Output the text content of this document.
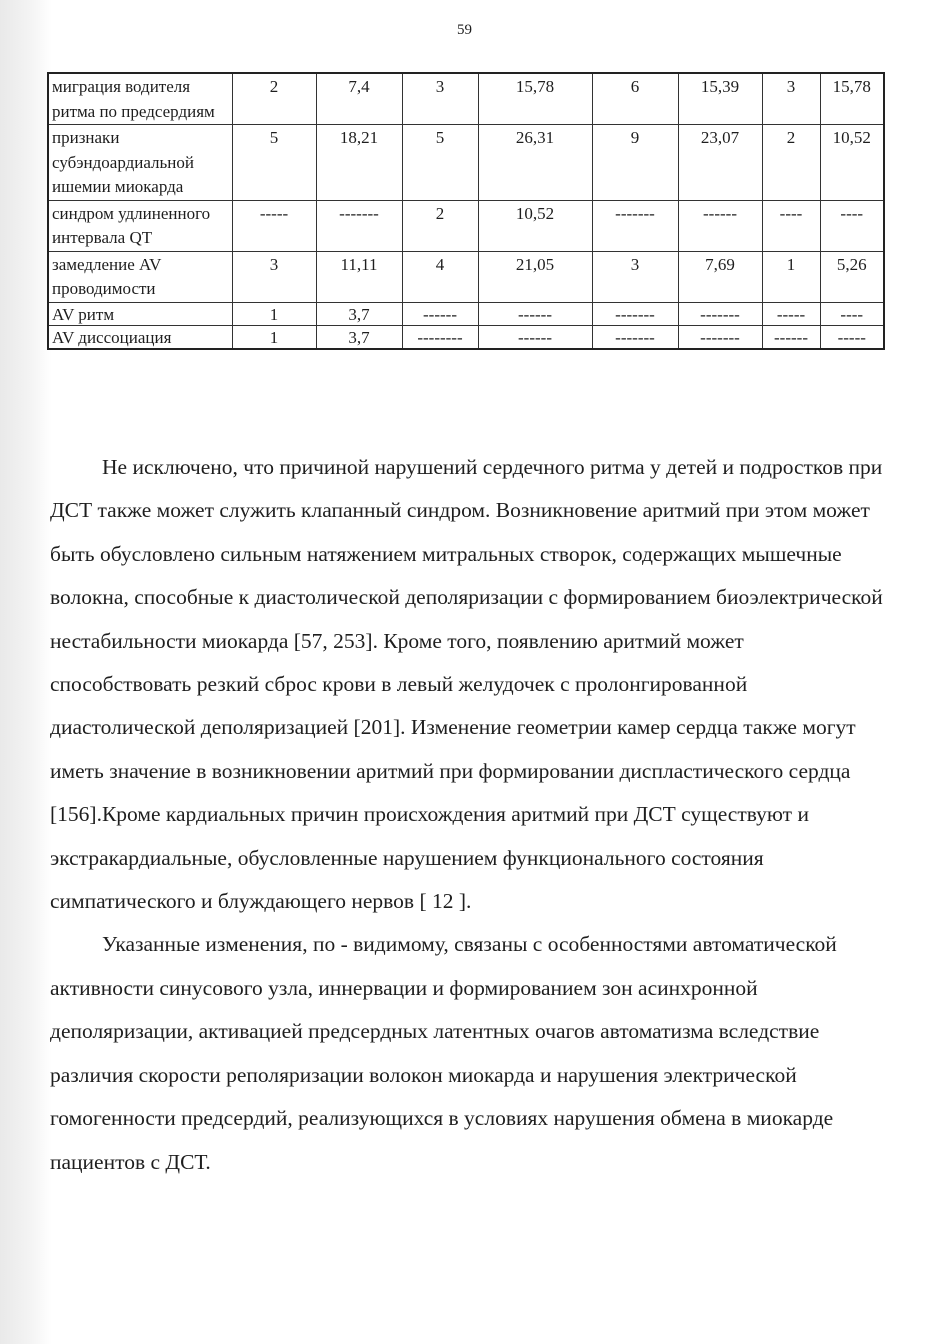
59
миграция водителя ритма по предсердиям	2	7,4	3	15,78	6	15,39	3	15,78
признаки субэндоардиальной ишемии миокарда	5	18,21	5	26,31	9	23,07	2	10,52
синдром удлиненного интервала QT	-----	-------	2	10,52	-------	------	----	----
замедление AV проводимости	3	11,11	4	21,05	3	7,69	1	5,26
AV ритм	1	3,7	------	------	-------	-------	-----	----
AV диссоциация	1	3,7	--------	------	-------	-------	------	-----

Не исключено, что причиной нарушений сердечного ритма у детей и подростков при ДСТ также может служить клапанный синдром. Возникновение аритмий при этом может быть обусловлено сильным натяжением митральных створок, содержащих мышечные волокна, способные к диастолической деполяризации с формированием биоэлектрической нестабильности миокарда [57, 253]. Кроме того, появлению аритмий может способствовать резкий сброс крови в левый желудочек с пролонгированной диастолической деполяризацией [201]. Изменение геометрии камер сердца также могут иметь значение в возникновении аритмий при формировании диспластического сердца [156].Кроме кардиальных причин происхождения аритмий при ДСТ существуют и экстракардиальные, обусловленные нарушением функционального состояния симпатического и блуждающего нервов [ 12 ].

Указанные изменения, по - видимому, связаны с особенностями автоматической активности синусового узла, иннервации и формированием зон асинхронной деполяризации, активацией предсердных латентных очагов автоматизма вследствие различия скорости реполяризации волокон миокарда и нарушения электрической гомогенности предсердий, реализующихся в условиях нарушения обмена в миокарде пациентов с ДСТ.
